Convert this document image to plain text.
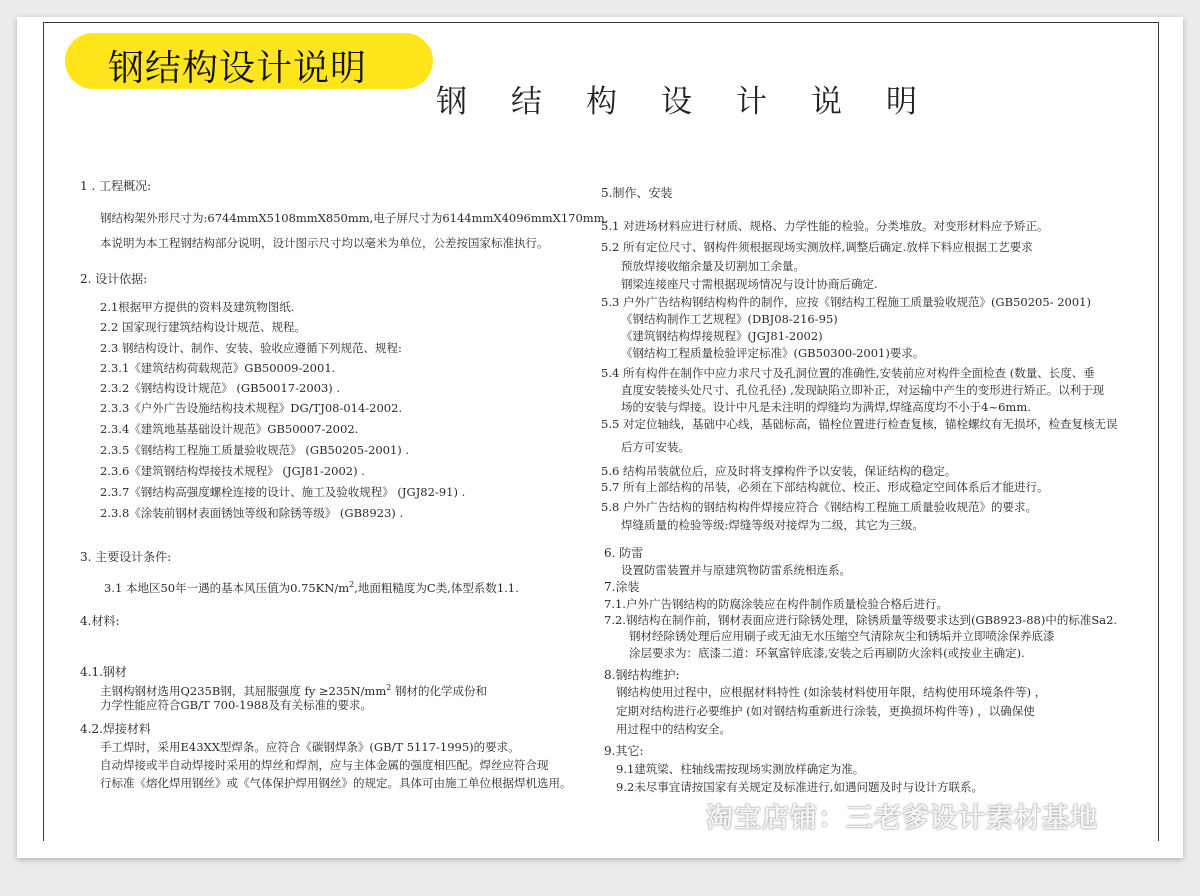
钢结构设计说明
钢结构设计说明
1 . 工程概况:
钢结构架外形尺寸为:6744mmX5108mmX850mm,电子屏尺寸为6144mmX4096mmX170mm.
本说明为本工程钢结构部分说明，设计图示尺寸均以毫米为单位，公差按国家标准执行。
2. 设计依据:
2.1根据甲方提供的资料及建筑物图纸.
2.2 国家现行建筑结构设计规范、规程。
2.3 钢结构设计、制作、安装、验收应遵循下列规范、规程:
2.3.1《建筑结构荷载规范》GB50009-2001.
2.3.2《钢结构设计规范》 (GB50017-2003) .
2.3.3《户外广告设施结构技术规程》DG/TJ08-014-2002.
2.3.4《建筑地基基础设计规范》GB50007-2002.
2.3.5《钢结构工程施工质量验收规范》 (GB50205-2001) .
2.3.6《建筑钢结构焊接技术规程》 (JGJ81-2002) .
2.3.7《钢结构高强度螺栓连接的设计、施工及验收规程》 (JGJ82-91) .
2.3.8《涂装前钢材表面锈蚀等级和除锈等级》 (GB8923) .
3. 主要设计条件:
3.1 本地区50年一遇的基本风压值为$0.75KN/m^2$,地面粗糙度为C类,体型系数1.1.
4.材料:
4.1.钢材
主钢构钢材选用Q235B钢，其屈服强度 fy $\ge 235N/mm^2$ 钢材的化学成份和
力学性能应符合GB/T 700-1988及有关标准的要求。
4.2.焊接材料
手工焊时，采用E43XX型焊条。应符合《碳钢焊条》(GB/T 5117-1995)的要求。
自动焊接或半自动焊接时采用的焊丝和焊剂，应与主体金属的强度相匹配。焊丝应符合现
行标准《熔化焊用钢丝》或《气体保护焊用钢丝》的规定。具体可由施工单位根据焊机选用。
5.制作、安装
5.1 对进场材料应进行材质、规格、力学性能的检验。分类堆放。对变形材料应予矫正。
5.2 所有定位尺寸、钢构件须根据现场实测放样,调整后确定.放样下料应根据工艺要求
预放焊接收缩余量及切割加工余量。
钢梁连接座尺寸需根据现场情况与设计协商后确定.
5.3 户外广告结构钢结构构件的制作，应按《钢结构工程施工质量验收规范》(GB50205- 2001)
《钢结构制作工艺规程》(DBJ08-216-95)
《建筑钢结构焊接规程》(JGJ81-2002)
《钢结构工程质量检验评定标准》(GB50300-2001)要求。
5.4 所有构件在制作中应力求尺寸及孔洞位置的准确性,安装前应对构件全面检查 (数量、长度、垂
直度安装接头处尺寸、孔位孔径) ,发现缺陷立即补正，对运输中产生的变形进行矫正。以利于现
场的安装与焊接。设计中凡是未注明的焊缝均为满焊,焊缝高度均不小于4~6mm.
5.5 对定位轴线，基础中心线，基础标高，锚栓位置进行检查复核，锚栓螺纹有无损坏，检查复核无误
后方可安装。
5.6 结构吊装就位后，应及时将支撑构件予以安装，保证结构的稳定。
5.7 所有上部结构的吊装，必须在下部结构就位、校正、形成稳定空间体系后才能进行。
5.8 户外广告结构的钢结构构件焊接应符合《钢结构工程施工质量验收规范》的要求。
焊缝质量的检验等级:焊缝等级对接焊为二级，其它为三级。
6. 防雷
设置防雷装置并与原建筑物防雷系统相连系。
7.涂装
7.1.户外广告钢结构的防腐涂装应在构件制作质量检验合格后进行。
7.2.钢结构在制作前，钢材表面应进行除锈处理，除锈质量等级要求达到(GB8923-88)中的标准Sa2.
钢材经除锈处理后应用刷子或无油无水压缩空气清除灰尘和锈垢并立即喷涂保养底漆
涂层要求为：底漆二道：环氧富锌底漆,安装之后再刷防火涂料(或按业主确定).
8.钢结构维护:
钢结构使用过程中，应根据材料特性 (如涂装材料使用年限，结构使用环境条件等) ，
定期对结构进行必要维护 (如对钢结构重新进行涂装，更换损坏构件等) ，以确保使
用过程中的结构安全。
9.其它:
9.1建筑梁、柱轴线需按现场实测放样确定为准。
9.2未尽事宜请按国家有关规定及标准进行,如遇问题及时与设计方联系。
淘宝店铺：三老爹设计素材基地
